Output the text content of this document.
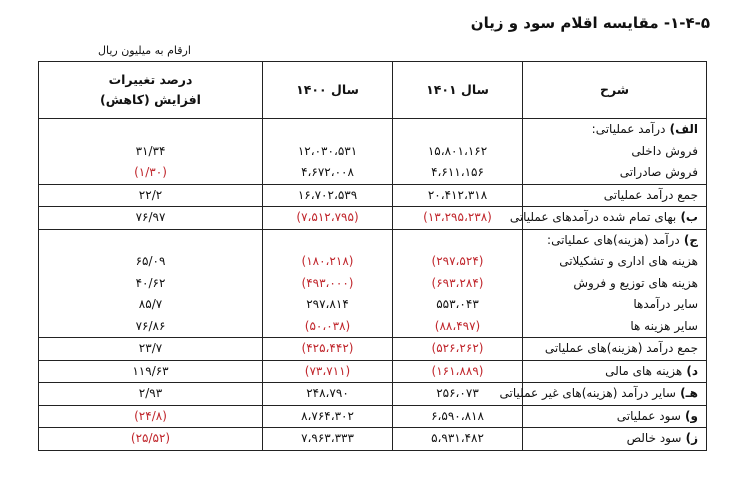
۱-۴-۵- مقایسه اقلام سود و زیان
ارقام به میلیون ریال
شرح	سال ۱۴۰۱	سال ۱۴۰۰	درصد تغییرات
افزایش (کاهش)

الف) درآمد عملیاتی:			
فروش داخلی	۱۵،۸۰۱،۱۶۲	۱۲،۰۳۰،۵۳۱	۳۱/۳۴
فروش صادراتی	۴،۶۱۱،۱۵۶	۴،۶۷۲،۰۰۸	(۱/۳۰)
جمع درآمد عملیاتی	۲۰،۴۱۲،۳۱۸	۱۶،۷۰۲،۵۳۹	۲۲/۲
ب) بهای تمام شده درآمدهای عملیاتی	(۱۳،۲۹۵،۲۳۸)	(۷،۵۱۲،۷۹۵)	۷۶/۹۷
ج) درآمد (هزینه)های عملیاتی:			
هزینه های اداری و تشکیلاتی	(۲۹۷،۵۲۴)	(۱۸۰،۲۱۸)	۶۵/۰۹
هزینه های توزیع و فروش	(۶۹۳،۲۸۴)	(۴۹۳،۰۰۰)	۴۰/۶۲
سایر درآمدها	۵۵۳،۰۴۳	۲۹۷،۸۱۴	۸۵/۷
سایر هزینه ها	(۸۸،۴۹۷)	(۵۰،۰۳۸)	۷۶/۸۶
جمع درآمد (هزینه)های عملیاتی	(۵۲۶،۲۶۲)	(۴۲۵،۴۴۲)	۲۳/۷
د) هزینه های مالی	(۱۶۱،۸۸۹)	(۷۳،۷۱۱)	۱۱۹/۶۳
هـ) سایر درآمد (هزینه)های غیر عملیاتی	۲۵۶،۰۷۳	۲۴۸،۷۹۰	۲/۹۳
و) سود عملیاتی	۶،۵۹۰،۸۱۸	۸،۷۶۴،۳۰۲	(۲۴/۸)
ز) سود خالص	۵،۹۳۱،۴۸۲	۷،۹۶۳،۳۳۳	(۲۵/۵۲)
